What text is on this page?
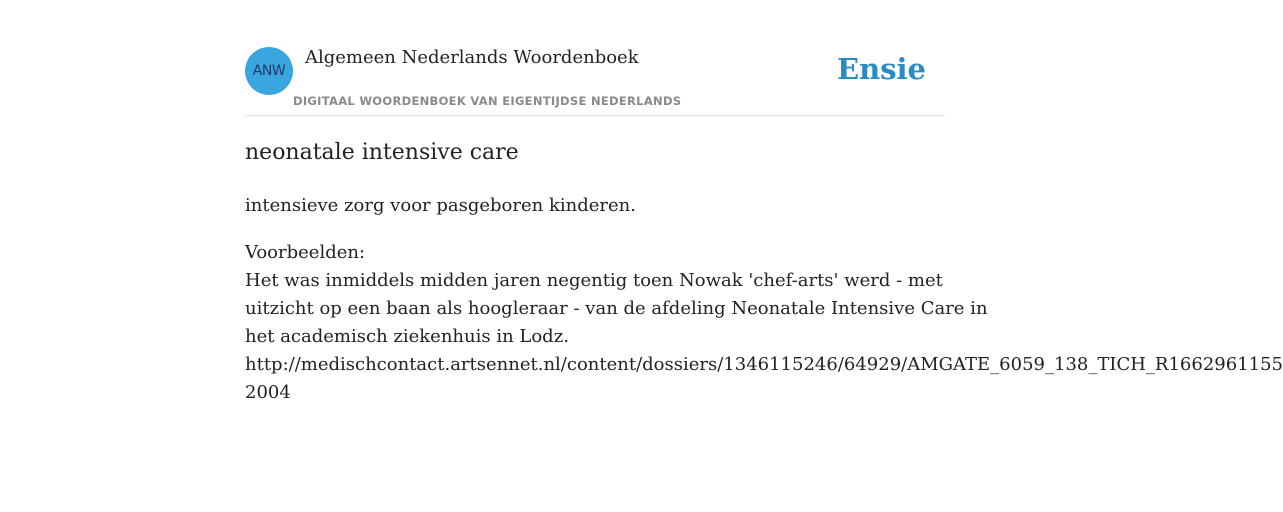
ANW
Algemeen Nederlands Woordenboek
DIGITAAL WOORDENBOEK VAN EIGENTIJDSE NEDERLANDS
Ensie
neonatale intensive care
intensieve zorg voor pasgeboren kinderen.
Voorbeelden:
Het was inmiddels midden jaren negentig toen Nowak 'chef-arts' werd - met
uitzicht op een baan als hoogleraar - van de afdeling Neonatale Intensive Care in
het academisch ziekenhuis in Lodz.
http://medischcontact.artsennet.nl/content/dossiers/1346115246/64929/AMGATE_6059_138_TICH_R1662961155
2004
